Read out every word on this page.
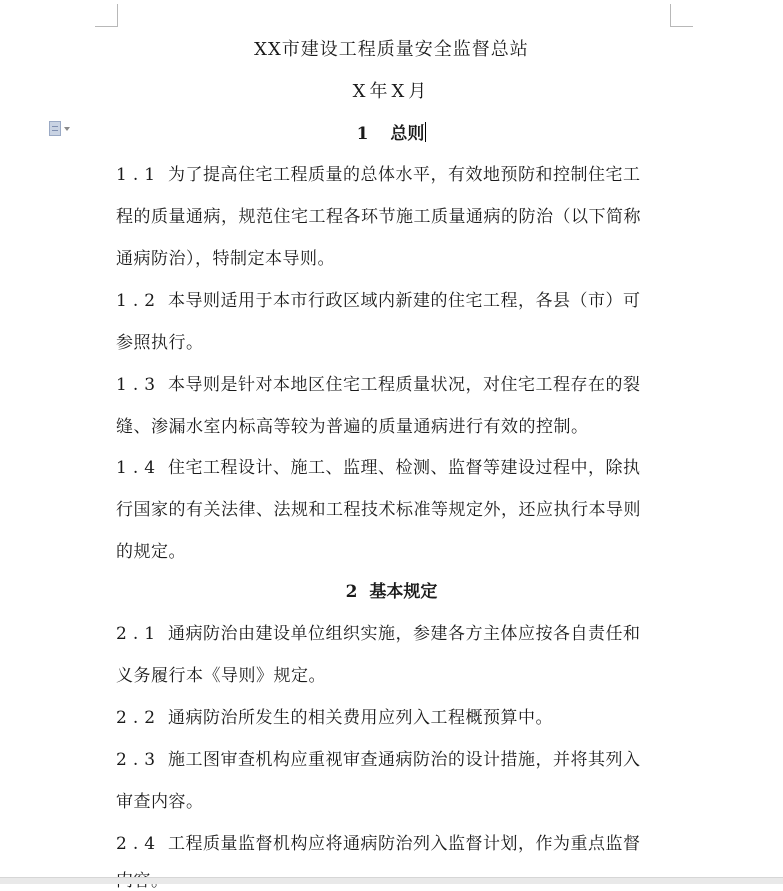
XX市建设工程质量安全监督总站
X年X月
1 总则
1.1 为了提高住宅工程质量的总体水平，有效地预防和控制住宅工
程的质量通病，规范住宅工程各环节施工质量通病的防治（以下简称
通病防治），特制定本导则。
1.2 本导则适用于本市行政区域内新建的住宅工程，各县（市）可
参照执行。
1.3 本导则是针对本地区住宅工程质量状况，对住宅工程存在的裂
缝、渗漏水室内标高等较为普遍的质量通病进行有效的控制。
1.4 住宅工程设计、施工、监理、检测、监督等建设过程中，除执
行国家的有关法律、法规和工程技术标准等规定外，还应执行本导则
的规定。
2 基本规定
2.1 通病防治由建设单位组织实施，参建各方主体应按各自责任和
义务履行本《导则》规定。
2.2 通病防治所发生的相关费用应列入工程概预算中。
2.3 施工图审查机构应重视审查通病防治的设计措施，并将其列入
审查内容。
2.4 工程质量监督机构应将通病防治列入监督计划，作为重点监督
